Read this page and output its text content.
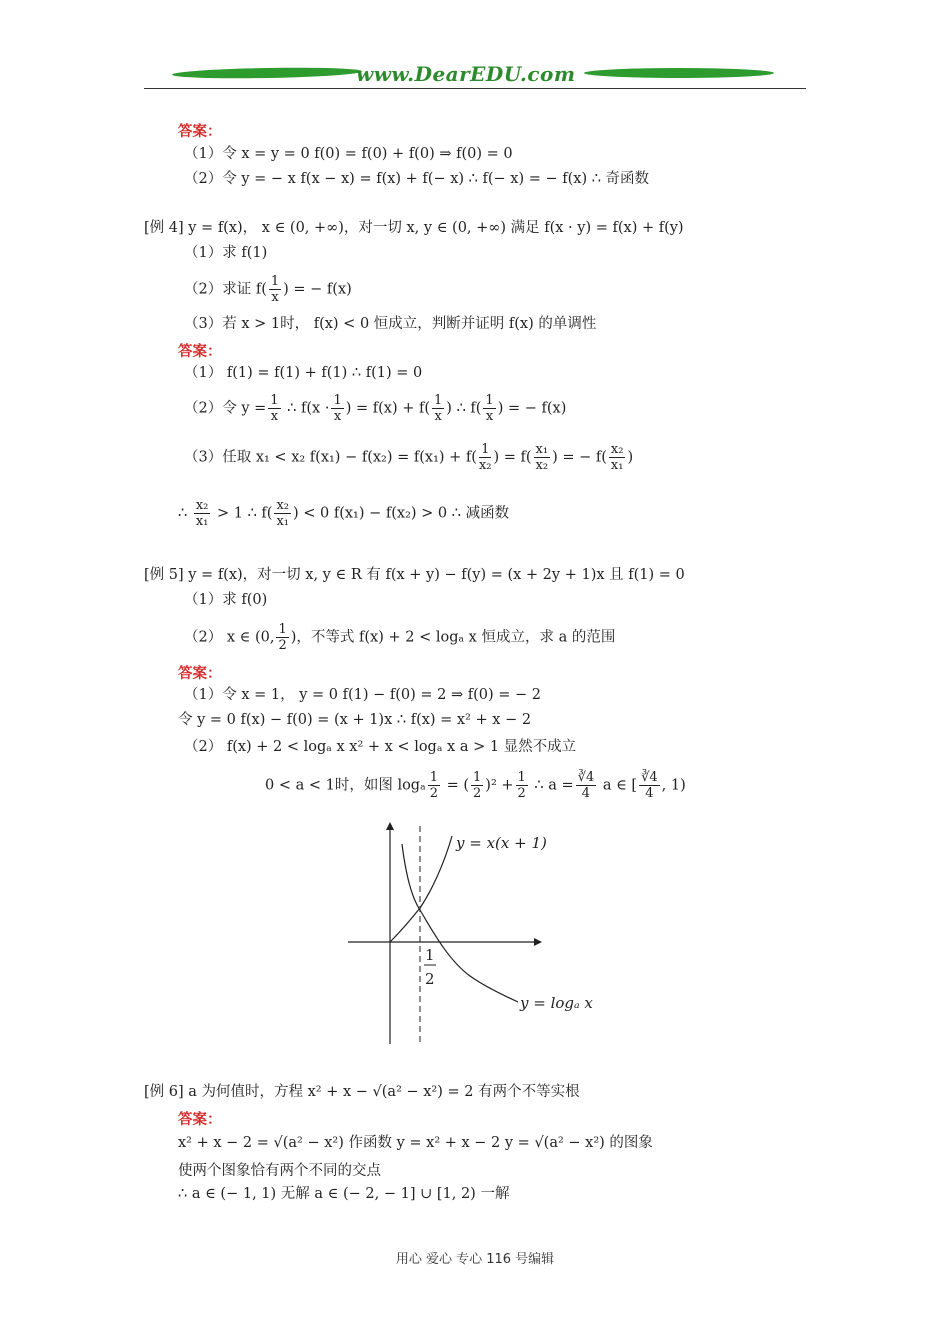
www.DearEDU.com
答案：
（1）令 x = y = 0 f(0) = f(0) + f(0) ⇒ f(0) = 0
（2）令 y = − x f(x − x) = f(x) + f(− x) ∴ f(− x) = − f(x) ∴ 奇函数
[例 4] y = f(x)， x ∈ (0, +∞)，对一切 x, y ∈ (0, +∞) 满足 f(x · y) = f(x) + f(y)
（1）求 f(1)
（2）求证 $f( \frac{1}{x}$ ) = − f(x)
（3）若 x > 1时， f(x) < 0 恒成立，判断并证明 f(x) 的单调性
答案：
（1） f(1) = f(1) + f(1) ∴ f(1) = 0
（2）令 $y = \frac{1}{x}$ ∴ $f(x \cdot \frac{1}{x}$ ) = $f(x) + f( \frac{1}{x}$ ) ∴ $f( \frac{1}{x}$ ) = − f(x)
（3）任取 x₁ < x₂ $f(x_1) - f(x_2) = f(x_1) + f( \frac{1}{\text{x₂}}$ ) = $f( \frac{\text{x₁}}{\text{x₂}}$ ) = − $f( \frac{\text{x₂}}{\text{x₁}}$ )
∴ $\frac{\text{x₂}}{\text{x₁}} > 1$ ∴ $f( \frac{\text{x₂}}{\text{x₁}}$ ) < 0 f(x₁) − f(x₂) > 0 ∴ 减函数
[例 5] y = f(x)，对一切 x, y ∈ R 有 f(x + y) − f(y) = (x + 2y + 1)x 且 f(1) = 0
（1）求 f(0)
（2） x ∈ (0, $\frac{1}{2}$ )，不等式 f(x) + 2 < logₐ x 恒成立，求 a 的范围
答案：
（1）令 x = 1， y = 0 f(1) − f(0) = 2 ⇒ f(0) = − 2
令 y = 0 f(x) − f(0) = (x + 1)x ∴ f(x) = x² + x − 2
（2） f(x) + 2 < logₐ x x² + x < logₐ x a > 1 显然不成立
0 < a < 1时，如图 logₐ $\frac{1}{2}$ = ( $\frac{1}{2} )^2 + \frac{1}{2}$ ∴ $a = \frac{∛4}{4}$ a ∈ [ $\frac{∛4}{4}$ , 1)
y = x(x + 1)
y = logₐ x
1
2
[例 6] a 为何值时，方程 x² + x − √(a² − x²) = 2 有两个不等实根
答案：
x² + x − 2 = √(a² − x²) 作函数 y = x² + x − 2 y = √(a² − x²) 的图象
使两个图象恰有两个不同的交点
∴ a ∈ (− 1, 1) 无解 a ∈ (− 2, − 1] ∪ [1, 2) 一解
用心 爱心 专心 116 号编辑
